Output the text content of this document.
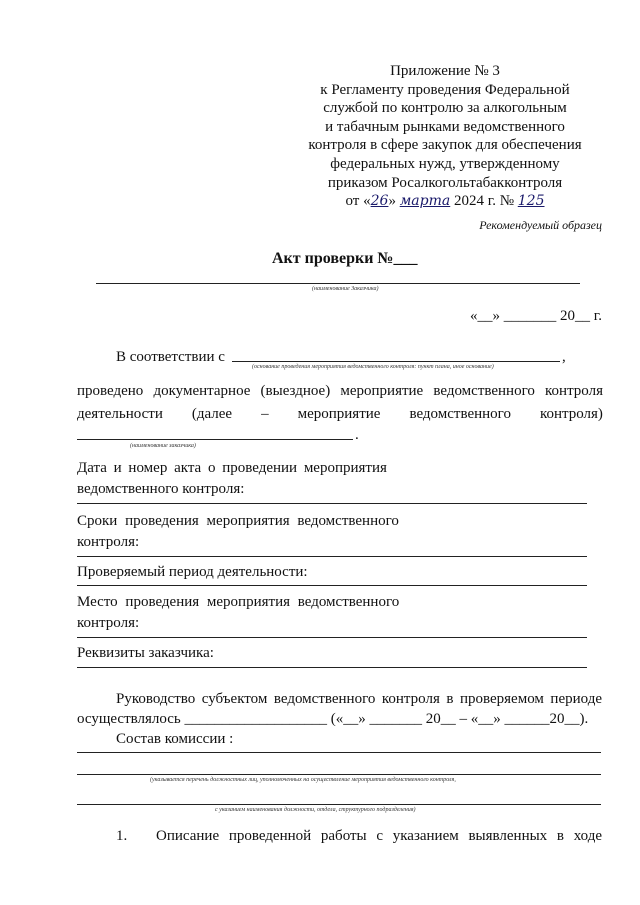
Приложение № 3
к Регламенту проведения Федеральной
службой по контролю за алкогольным
и табачным рынками ведомственного
контроля в сфере закупок для обеспечения
федеральных нужд, утвержденному
приказом Росалкогольтабакконтроля
от «26» марта 2024 г. № 125
Рекомендуемый образец
Акт проверки №___
(наименование Заказчика)
«__» _______ 20__ г.
В соответствии с	,
(основание проведения мероприятия ведомственного контроля: пункт плана, иное основание)
проведено документарное (выездное) мероприятие ведомственного контроля
деятельности (далее – мероприятие ведомственного контроля)
.
(наименование заказчика)
Дата и номер акта о проведении мероприятия
ведомственного контроля:
Сроки проведения мероприятия ведомственного
контроля:
Проверяемый период деятельности:
Место проведения мероприятия ведомственного
контроля:
Реквизиты заказчика:
Руководство субъектом ведомственного контроля в проверяемом периоде
осуществлялось ___________________ («__» _______ 20__ – «__» ______20__).
Состав комиссии :
(указывается перечень должностных лиц, уполномоченных на осуществление мероприятия ведомственного контроля,
с указанием наименования должности, отдела, структурного подразделения)
1. Описание проведенной работы с указанием выявленных в ходе
